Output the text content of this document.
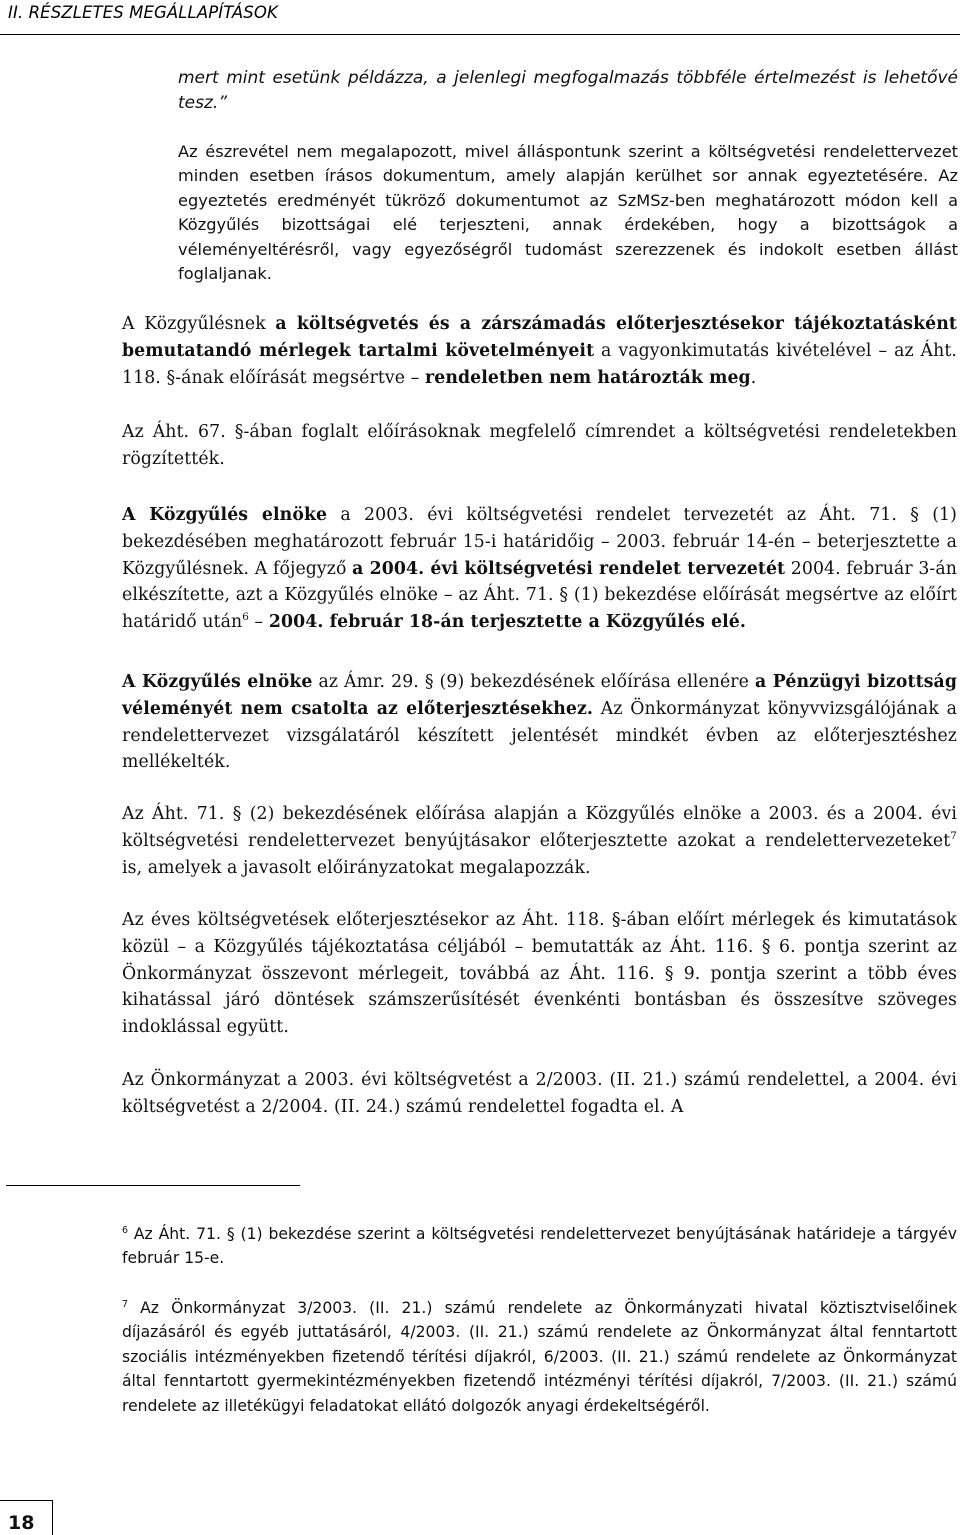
II. RÉSZLETES MEGÁLLAPÍTÁSOK

mert mint esetünk példázza, a jelenlegi megfogalmazás többféle értelmezést is lehetővé tesz.”

Az észrevétel nem megalapozott, mivel álláspontunk szerint a költségvetési rendelettervezet minden esetben írásos dokumentum, amely alapján kerülhet sor annak egyeztetésére. Az egyeztetés eredményét tükröző dokumentumot az SzMSz-ben meghatározott módon kell a Közgyűlés bizottságai elé terjeszteni, annak érdekében, hogy a bizottságok a véleményeltérésről, vagy egyezőségről tudomást szerezzenek és indokolt esetben állást foglaljanak.

A Közgyűlésnek a költségvetés és a zárszámadás előterjesztésekor tájékoztatásként bemutatandó mérlegek tartalmi követelményeit a vagyonkimutatás kivételével – az Áht. 118. §-ának előírását megsértve – rendeletben nem határozták meg.

Az Áht. 67. §-ában foglalt előírásoknak megfelelő címrendet a költségvetési rendeletekben rögzítették.

A Közgyűlés elnöke a 2003. évi költségvetési rendelet tervezetét az Áht. 71. § (1) bekezdésében meghatározott február 15-i határidőig – 2003. február 14-én – beterjesztette a Közgyűlésnek. A főjegyző a 2004. évi költségvetési rendelet tervezetét 2004. február 3-án elkészítette, azt a Közgyűlés elnöke – az Áht. 71. § (1) bekezdése előírását megsértve az előírt határidő után$^6$ – 2004. február 18-án terjesztette a Közgyűlés elé.

A Közgyűlés elnöke az Ámr. 29. § (9) bekezdésének előírása ellenére a Pénzügyi bizottság véleményét nem csatolta az előterjesztésekhez. Az Önkormányzat könyvvizsgálójának a rendelettervezet vizsgálatáról készített jelentését mindkét évben az előterjesztéshez mellékelték.

Az Áht. 71. § (2) bekezdésének előírása alapján a Közgyűlés elnöke a 2003. és a 2004. évi költségvetési rendelettervezet benyújtásakor előterjesztette azokat a rendelettervezeteket$^7$ is, amelyek a javasolt előirányzatokat megalapozzák.

Az éves költségvetések előterjesztésekor az Áht. 118. §-ában előírt mérlegek és kimutatások közül – a Közgyűlés tájékoztatása céljából – bemutatták az Áht. 116. § 6. pontja szerint az Önkormányzat összevont mérlegeit, továbbá az Áht. 116. § 9. pontja szerint a több éves kihatással járó döntések számszerűsítését évenkénti bontásban és összesítve szöveges indoklással együtt.

Az Önkormányzat a 2003. évi költségvetést a 2/2003. (II. 21.) számú rendelettel, a 2004. évi költségvetést a 2/2004. (II. 24.) számú rendelettel fogadta el. A

$^6$ Az Áht. 71. § (1) bekezdése szerint a költségvetési rendelettervezet benyújtásának határideje a tárgyév február 15-e.

$^7$ Az Önkormányzat 3/2003. (II. 21.) számú rendelete az Önkormányzati hivatal köztisztviselőinek díjazásáról és egyéb juttatásáról, 4/2003. (II. 21.) számú rendelete az Önkormányzat által fenntartott szociális intézményekben fizetendő térítési díjakról, 6/2003. (II. 21.) számú rendelete az Önkormányzat által fenntartott gyermekintézményekben fizetendő intézményi térítési díjakról, 7/2003. (II. 21.) számú rendelete az illetékügyi feladatokat ellátó dolgozók anyagi érdekeltségéről.

18
